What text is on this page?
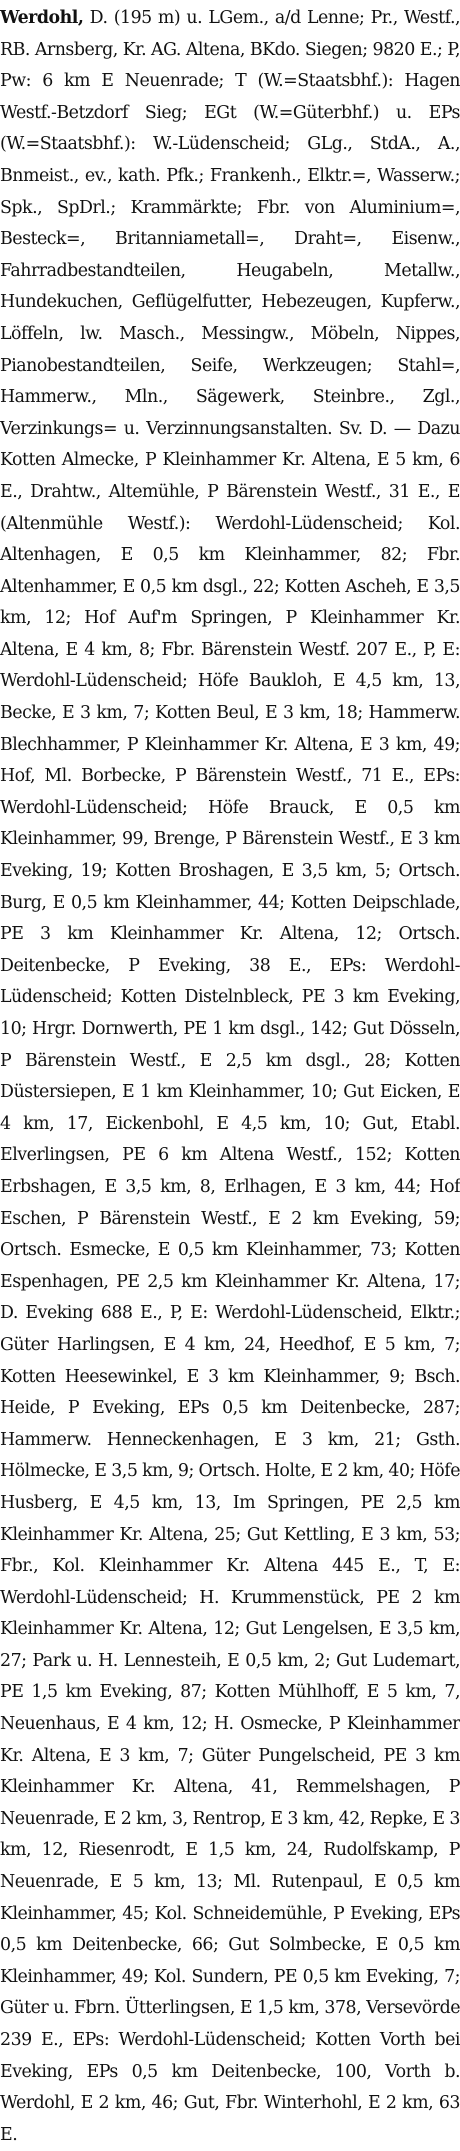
Werdohl, D. (195 m) u. LGem., a/d Lenne; Pr., Westf., RB. Arnsberg, Kr. AG. Altena, BKdo. Siegen; 9820 E.; P, Pw: 6 km E Neuenrade; T (W.=Staatsbhf.): Hagen Westf.-Betzdorf Sieg; EGt (W.=Güterbhf.) u. EPs (W.=Staatsbhf.): W.-Lüdenscheid; GLg., StdA., A., Bnmeist., ev., kath. Pfk.; Frankenh., Elktr.=, Wasserw.; Spk., SpDrl.; Krammärkte; Fbr. von Aluminium=, Besteck=, Britanniametall=, Draht=, Eisenw., Fahrradbestandteilen, Heugabeln, Metallw., Hundekuchen, Geflügelfutter, Hebezeugen, Kupferw., Löffeln, lw. Masch., Messingw., Möbeln, Nippes, Pianobestandteilen, Seife, Werkzeugen; Stahl=, Hammerw., Mln., Sägewerk, Steinbre., Zgl., Verzinkungs= u. Verzinnungsanstalten. Sv. D. — Dazu Kotten Almecke, P Kleinhammer Kr. Altena, E 5 km, 6 E., Drahtw., Altemühle, P Bärenstein Westf., 31 E., E (Altenmühle Westf.): Werdohl-Lüdenscheid; Kol. Altenhagen, E 0,5 km Kleinhammer, 82; Fbr. Altenhammer, E 0,5 km dsgl., 22; Kotten Ascheh, E 3,5 km, 12; Hof Auf'm Springen, P Kleinhammer Kr. Altena, E 4 km, 8; Fbr. Bärenstein Westf. 207 E., P, E: Werdohl-Lüdenscheid; Höfe Baukloh, E 4,5 km, 13, Becke, E 3 km, 7; Kotten Beul, E 3 km, 18; Hammerw. Blechhammer, P Kleinhammer Kr. Altena, E 3 km, 49; Hof, Ml. Borbecke, P Bärenstein Westf., 71 E., EPs: Werdohl-Lüdenscheid; Höfe Brauck, E 0,5 km Kleinhammer, 99, Brenge, P Bärenstein Westf., E 3 km Eveking, 19; Kotten Broshagen, E 3,5 km, 5; Ortsch. Burg, E 0,5 km Kleinhammer, 44; Kotten Deipschlade, PE 3 km Kleinhammer Kr. Altena, 12; Ortsch. Deitenbecke, P Eveking, 38 E., EPs: Werdohl-Lüdenscheid; Kotten Distelnbleck, PE 3 km Eveking, 10; Hrgr. Dornwerth, PE 1 km dsgl., 142; Gut Dösseln, P Bärenstein Westf., E 2,5 km dsgl., 28; Kotten Düstersiepen, E 1 km Kleinhammer, 10; Gut Eicken, E 4 km, 17, Eickenbohl, E 4,5 km, 10; Gut, Etabl. Elverlingsen, PE 6 km Altena Westf., 152; Kotten Erbshagen, E 3,5 km, 8, Erlhagen, E 3 km, 44; Hof Eschen, P Bärenstein Westf., E 2 km Eveking, 59; Ortsch. Esmecke, E 0,5 km Kleinhammer, 73; Kotten Espenhagen, PE 2,5 km Kleinhammer Kr. Altena, 17; D. Eveking 688 E., P, E: Werdohl-Lüdenscheid, Elktr.; Güter Harlingsen, E 4 km, 24, Heedhof, E 5 km, 7; Kotten Heesewinkel, E 3 km Kleinhammer, 9; Bsch. Heide, P Eveking, EPs 0,5 km Deitenbecke, 287; Hammerw. Henneckenhagen, E 3 km, 21; Gsth. Hölmecke, E 3,5 km, 9; Ortsch. Holte, E 2 km, 40; Höfe Husberg, E 4,5 km, 13, Im Springen, PE 2,5 km Kleinhammer Kr. Altena, 25; Gut Kettling, E 3 km, 53; Fbr., Kol. Kleinhammer Kr. Altena 445 E., T, E: Werdohl-Lüdenscheid; H. Krummenstück, PE 2 km Kleinhammer Kr. Altena, 12; Gut Lengelsen, E 3,5 km, 27; Park u. H. Lennesteih, E 0,5 km, 2; Gut Ludemart, PE 1,5 km Eveking, 87; Kotten Mühlhoff, E 5 km, 7, Neuenhaus, E 4 km, 12; H. Osmecke, P Kleinhammer Kr. Altena, E 3 km, 7; Güter Pungelscheid, PE 3 km Kleinhammer Kr. Altena, 41, Remmelshagen, P Neuenrade, E 2 km, 3, Rentrop, E 3 km, 42, Repke, E 3 km, 12, Riesenrodt, E 1,5 km, 24, Rudolfskamp, P Neuenrade, E 5 km, 13; Ml. Rutenpaul, E 0,5 km Kleinhammer, 45; Kol. Schneidemühle, P Eveking, EPs 0,5 km Deitenbecke, 66; Gut Solmbecke, E 0,5 km Kleinhammer, 49; Kol. Sundern, PE 0,5 km Eveking, 7; Güter u. Fbrn. Ütterlingsen, E 1,5 km, 378, Versevörde 239 E., EPs: Werdohl-Lüdenscheid; Kotten Vorth bei Eveking, EPs 0,5 km Deitenbecke, 100, Vorth b. Werdohl, E 2 km, 46; Gut, Fbr. Winterhohl, E 2 km, 63 E.
